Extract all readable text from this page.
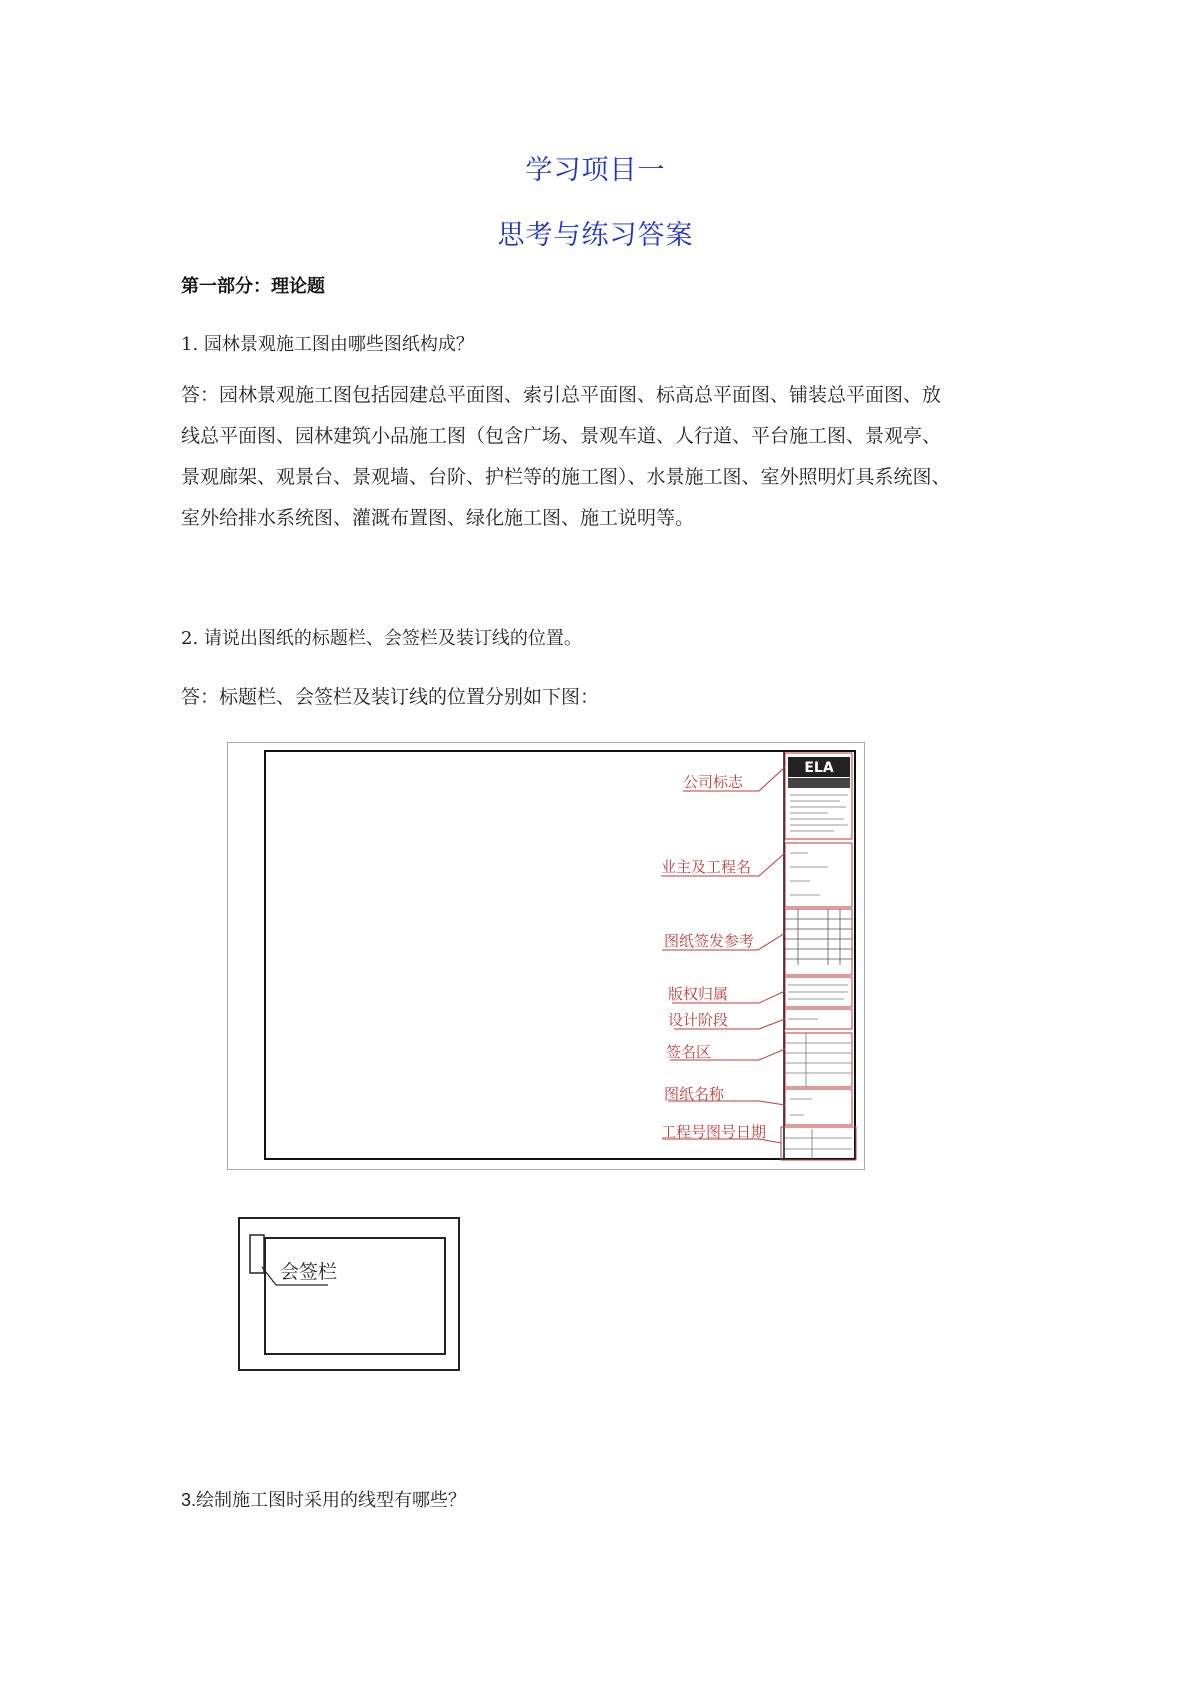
学习项目一
思考与练习答案
第一部分：理论题
1. 园林景观施工图由哪些图纸构成？
答：园林景观施工图包括园建总平面图、索引总平面图、标高总平面图、铺装总平面图、放
线总平面图、园林建筑小品施工图（包含广场、景观车道、人行道、平台施工图、景观亭、
景观廊架、观景台、景观墙、台阶、护栏等的施工图）、水景施工图、室外照明灯具系统图、
室外给排水系统图、灌溉布置图、绿化施工图、施工说明等。
2. 请说出图纸的标题栏、会签栏及装订线的位置。
答：标题栏、会签栏及装订线的位置分别如下图：
ELA
公司标志
业主及工程名
图纸签发参考
版权归属
设计阶段
签名区
图纸名称
工程号图号日期
会签栏
3.绘制施工图时采用的线型有哪些？
